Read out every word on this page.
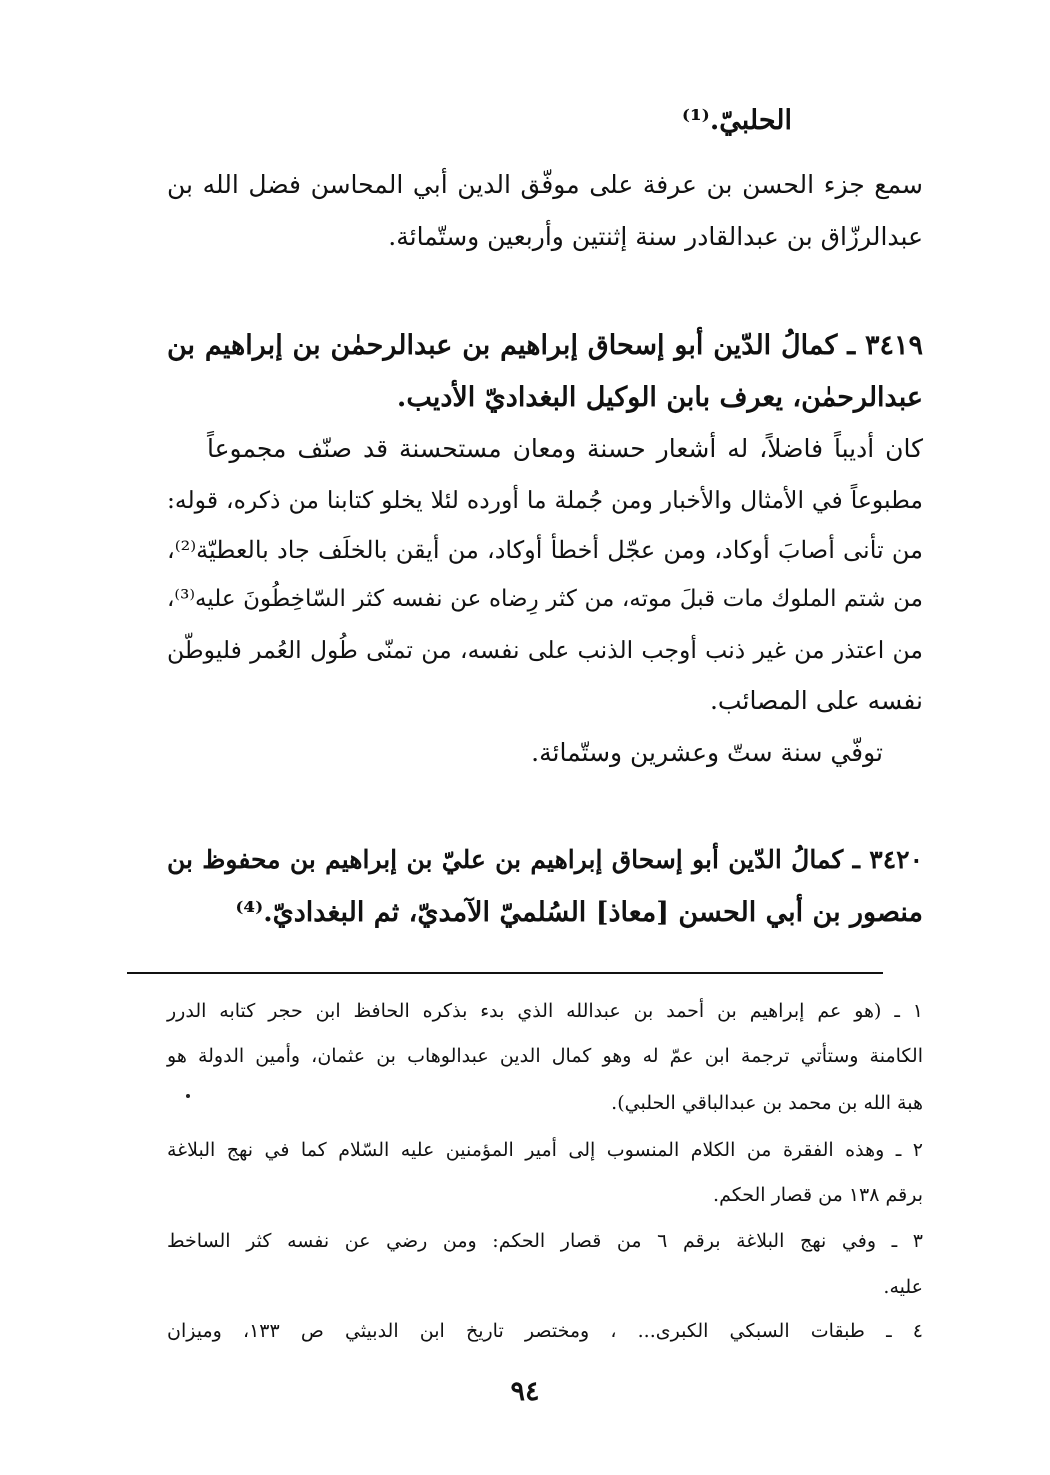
الحلبيّ.⁽¹⁾
سمع جزء الحسن بن عرفة على موفّق الدين أبي المحاسن فضل الله بن
عبدالرزّاق بن عبدالقادر سنة إثنتين وأربعين وستّمائة.
٣٤١٩ ـ كمالُ الدّين أبو إسحاق إبراهيم بن عبدالرحمٰن بن إبراهيم بن
عبدالرحمٰن، يعرف بابن الوكيل البغداديّ الأديب.
كان أديباً فاضلاً، له أشعار حسنة ومعان مستحسنة قد صنّف مجموعاً
مطبوعاً في الأمثال والأخبار ومن جُملة ما أورده لئلا يخلو كتابنا من ذكره، قوله:
من تأنى أصابَ أوكاد، ومن عجّل أخطأ أوكاد، من أيقن بالخلَف جاد بالعطيّة⁽²⁾،
من شتم الملوك مات قبلَ موته، من كثر رِضاه عن نفسه كثر السّاخِطُونَ عليه⁽³⁾،
من اعتذر من غير ذنب أوجب الذنب على نفسه، من تمنّى طُول العُمر فليوطّن
نفسه على المصائب.
توفّي سنة ستّ وعشرين وستّمائة.
٣٤٢٠ ـ كمالُ الدّين أبو إسحاق إبراهيم بن عليّ بن إبراهيم بن محفوظ بن
منصور بن أبي الحسن [معاذ] السُلميّ الآمديّ، ثم البغداديّ.⁽⁴⁾
١ ـ (هو عم إبراهيم بن أحمد بن عبدالله الذي بدء بذكره الحافظ ابن حجر كتابه الدرر
الكامنة وستأتي ترجمة ابن عمّ له وهو كمال الدين عبدالوهاب بن عثمان، وأمين الدولة هو
هبة الله بن محمد بن عبدالباقي الحلبي).
٢ ـ وهذه الفقرة من الكلام المنسوب إلى أمير المؤمنين عليه السّلام كما في نهج البلاغة
برقم ١٣٨ من قصار الحكم.
٣ ـ وفي نهج البلاغة برقم ٦ من قصار الحكم: ومن رضي عن نفسه كثر الساخط
عليه.
٤ ـ طبقات السبكي الكبرى... ، ومختصر تاريخ ابن الدبيثي ص ١٣٣، وميزان
٩٤
